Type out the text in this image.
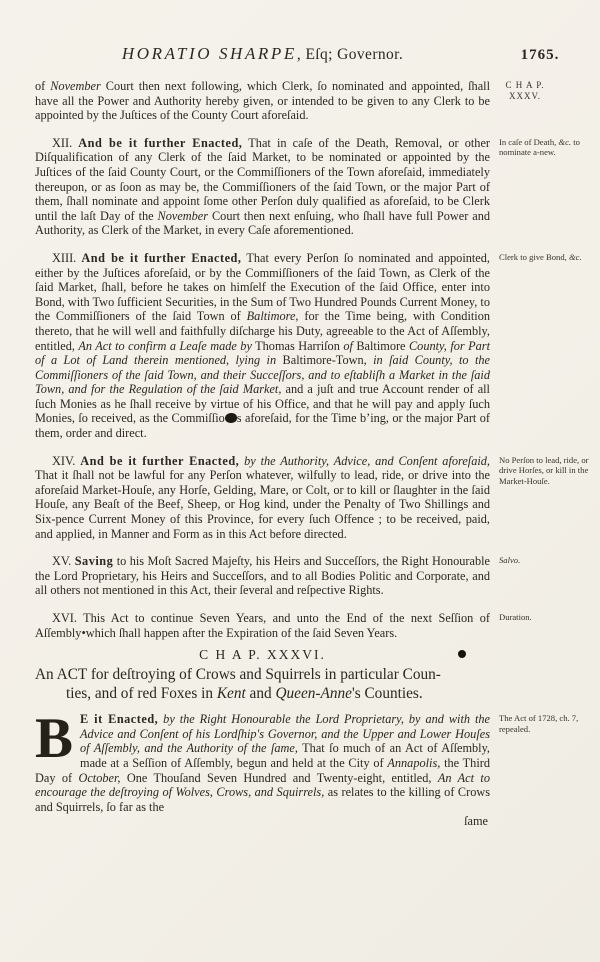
HORATIO SHARPE, Eſq; Governor.	1765.
of November Court then next following, which Clerk, ſo nominated and appointed, ſhall have all the Power and Authority hereby given, or intended to be given to any Clerk to be appointed by the Juſtices of the County Court aforeſaid.
C H A P.
XXXV.
XII. And be it further Enacted, That in caſe of the Death, Removal, or other Diſqualification of any Clerk of the ſaid Market, to be nominated or appointed by the Juſtices of the ſaid County Court, or the Commiſſioners of the Town aforeſaid, immediately thereupon, or as ſoon as may be, the Commiſſioners of the ſaid Town, or the major Part of them, ſhall nominate and appoint ſome other Perſon duly qualified as aforeſaid, to be Clerk until the laſt Day of the November Court then next enſuing, who ſhall have full Power and Authority, as Clerk of the Market, in every Caſe aforementioned.
In caſe of Death, &c. to nominate a-new.
XIII. And be it further Enacted, That every Perſon ſo nominated and appointed, either by the Juſtices aforeſaid, or by the Commiſſioners of the ſaid Town, as Clerk of the ſaid Market, ſhall, before he takes on himſelf the Execution of the ſaid Office, enter into Bond, with Two ſufficient Securities, in the Sum of Two Hundred Pounds Current Money, to the Commiſſioners of the ſaid Town of Baltimore, for the Time being, with Condition thereto, that he will well and faithfully diſcharge his Duty, agreeable to the Act of Aſſembly, entitled, An Act to confirm a Leaſe made by Thomas Harriſon of Baltimore County, for Part of a Lot of Land therein mentioned, lying in Baltimore-Town, in ſaid County, to the Commiſſioners of the ſaid Town, and their Succeſſors, and to eſtabliſh a Market in the ſaid Town, and for the Regulation of the ſaid Market, and a juſt and true Account render of all ſuch Monies as he ſhall receive by virtue of his Office, and that he will pay and apply ſuch Monies, ſo received, as the Commiſſio s aforeſaid, for the Time bʼing, or the major Part of them, order and direct.
Clerk to give Bond, &c.
XIV. And be it further Enacted, by the Authority, Advice, and Conſent aforeſaid, That it ſhall not be lawful for any Perſon whatever, wilfully to lead, ride, or drive into the aforeſaid Market-Houſe, any Horſe, Gelding, Mare, or Colt, or to kill or ſlaughter in the ſaid Houſe, any Beaſt of the Beef, Sheep, or Hog kind, under the Penalty of Two Shillings and Six-pence Current Money of this Province, for every ſuch Offence ; to be received, paid, and applied, in Manner and Form as in this Act before directed.
No Perſon to lead, ride, or drive Horſes, or kill in the Market-Houſe.
XV. Saving to his Moſt Sacred Majeſty, his Heirs and Succeſſors, the Right Honourable the Lord Proprietary, his Heirs and Succeſſors, and to all Bodies Politic and Corporate, and all others not mentioned in this Act, their ſeveral and reſpective Rights.
Salvo.
XVI. This Act to continue Seven Years, and unto the End of the next Seſſion of Aſſembly•which ſhall happen after the Expiration of the ſaid Seven Years.
Duration.
C H A P. XXXVI.
An ACT for deſtroying of Crows and Squirrels in particular Coun-
ties, and of red Foxes in Kent and Queen-Anne's Counties.
B E it Enacted, by the Right Honourable the Lord Proprietary, by and with the Advice and Conſent of his Lordſhip's Governor, and the Upper and Lower Houſes of Aſſembly, and the Authority of the ſame, That ſo much of an Act of Aſſembly, made at a Seſſion of Aſſembly, begun and held at the City of Annapolis, the Third Day of October, One Thouſand Seven Hundred and Twenty-eight, entitled, An Act to encourage the deſtroying of Wolves, Crows, and Squirrels, as relates to the killing of Crows and Squirrels, ſo far as the
ſame
The Act of 1728, ch. 7, repealed.
